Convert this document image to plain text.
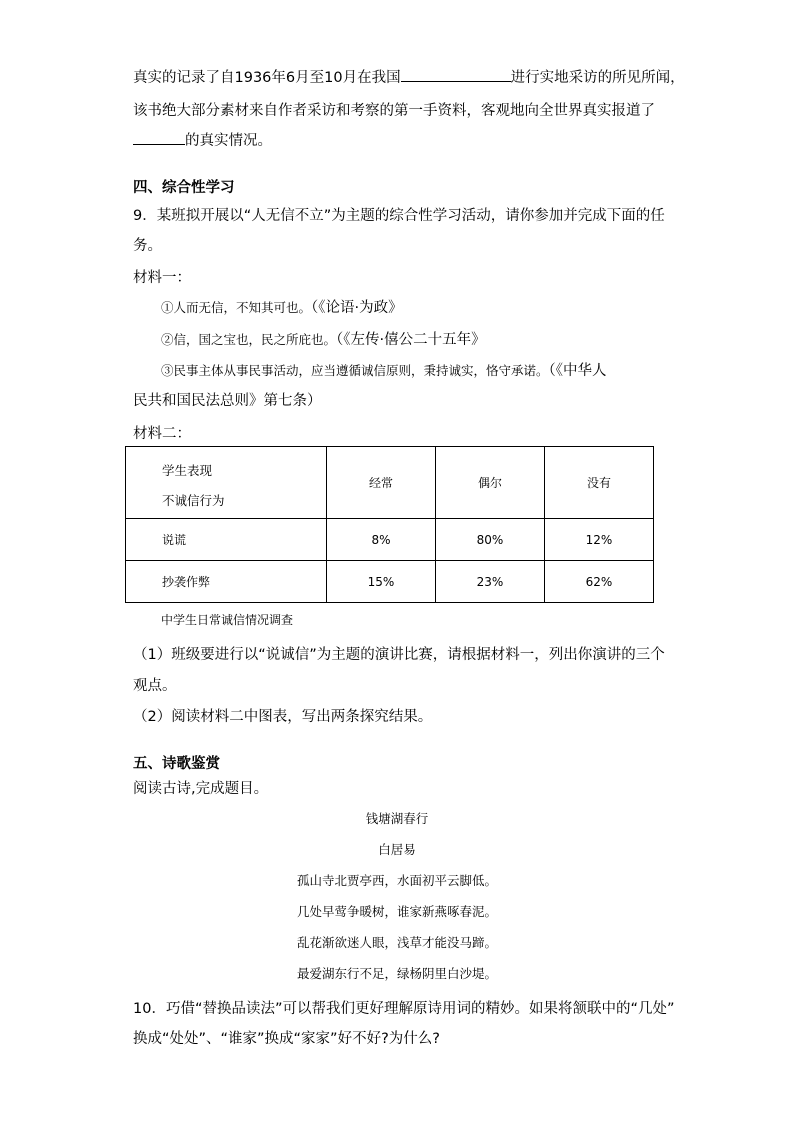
真实的记录了自1936年6月至10月在我国	进行实地采访的所见所闻，
该书绝大部分素材来自作者采访和考察的第一手资料，客观地向全世界真实报道了
的真实情况。
四、综合性学习
9．某班拟开展以“人无信不立”为主题的综合性学习活动，请你参加并完成下面的任
务。
材料一：
①人而无信，不知其可也。（《论语·为政》
②信，国之宝也，民之所庇也。（《左传·僖公二十五年》
③民事主体从事民事活动，应当遵循诚信原则，秉持诚实，恪守承诺。（《中华人
民共和国民法总则》第七条）
材料二：
学生表现
不诚信行为	经常	偶尔	没有
说谎	8%	80%	12%
抄袭作弊	15%	23%	62%
中学生日常诚信情况调查
（1）班级要进行以“说诚信”为主题的演讲比赛，请根据材料一，列出你演讲的三个
观点。
（2）阅读材料二中图表，写出两条探究结果。
五、诗歌鉴赏
阅读古诗,完成题目。
钱塘湖春行
白居易
孤山寺北贾亭西，水面初平云脚低。
几处早莺争暖树，谁家新燕啄春泥。
乱花渐欲迷人眼，浅草才能没马蹄。
最爱湖东行不足，绿杨阴里白沙堤。
10．巧借“替换品读法”可以帮我们更好理解原诗用词的精妙。如果将颔联中的“几处”
换成“处处”、“谁家”换成“家家”好不好?为什么?
